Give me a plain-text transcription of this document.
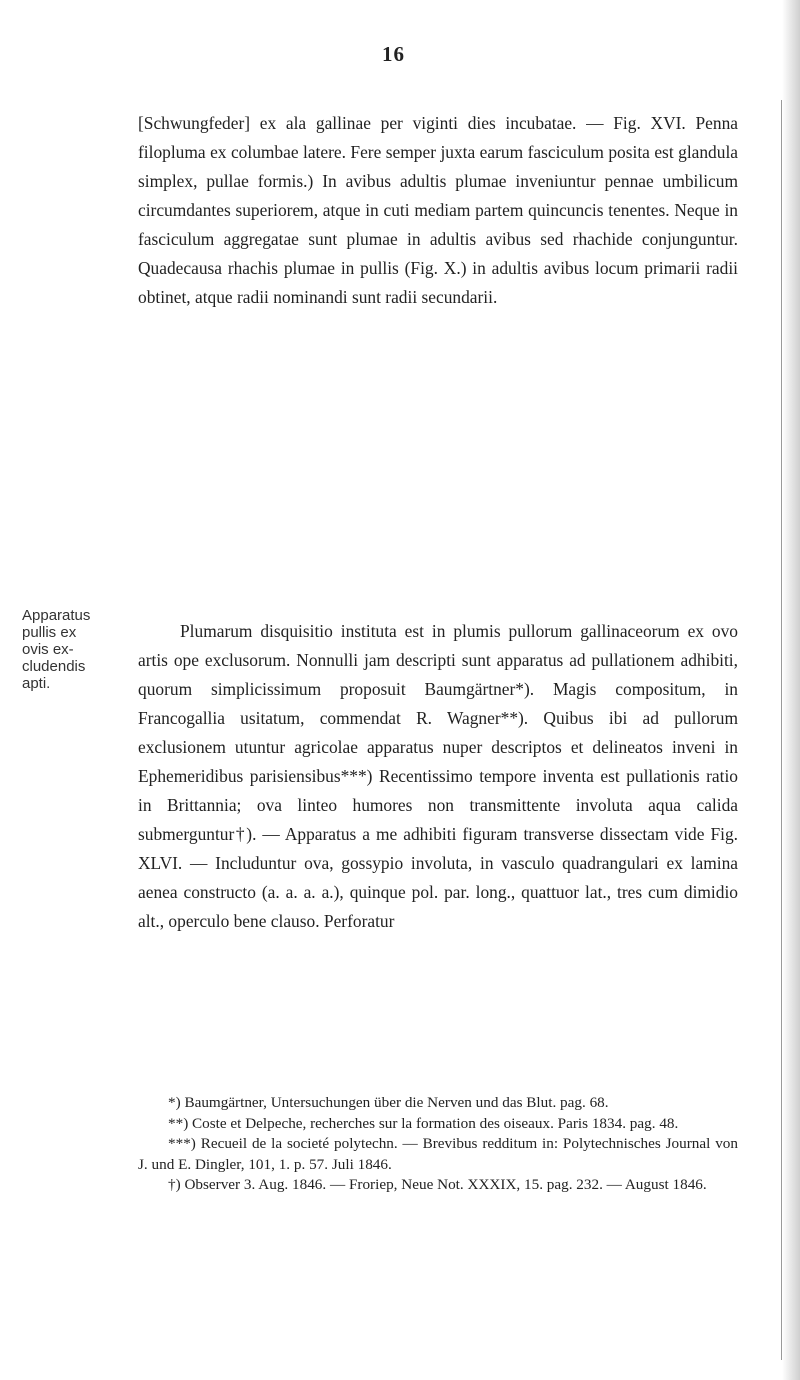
16

[Schwungfeder] ex ala gallinae per viginti dies incubatae. — Fig. XVI. Penna filopluma ex columbae latere. Fere semper juxta earum fasciculum posita est glandula simplex, pullae formis.) In avibus adultis plumae inveniuntur pennae umbilicum circumdantes superiorem, atque in cuti mediam partem quincuncis tenentes. Neque in fasciculum aggregatae sunt plumae in adultis avibus sed rhachide conjunguntur. Quadecausa rhachis plumae in pullis (Fig. X.) in adultis avibus locum primarii radii obtinet, atque radii nominandi sunt radii secundarii.

Apparatus
pullis ex
ovis ex-
cludendis
apti.

Plumarum disquisitio instituta est in plumis pullorum gallinaceorum ex ovo artis ope exclusorum. Nonnulli jam descripti sunt apparatus ad pullationem adhibiti, quorum simplicissimum proposuit Baumgärtner*). Magis compositum, in Francogallia usitatum, commendat R. Wagner**). Quibus ibi ad pullorum exclusionem utuntur agricolae apparatus nuper descriptos et delineatos inveni in Ephemeridibus parisiensibus***) Recentissimo tempore inventa est pullationis ratio in Brittannia; ova linteo humores non transmittente involuta aqua calida submerguntur†). — Apparatus a me adhibiti figuram transverse dissectam vide Fig. XLVI. — Includuntur ova, gossypio involuta, in vasculo quadrangulari ex lamina aenea constructo (a. a. a. a.), quinque pol. par. long., quattuor lat., tres cum dimidio alt., operculo bene clauso. Perforatur

*) Baumgärtner, Untersuchungen über die Nerven und das Blut. pag. 68.
**) Coste et Delpeche, recherches sur la formation des oiseaux. Paris 1834. pag. 48.
***) Recueil de la societé polytechn. — Brevibus redditum in: Polytechnisches Journal von J. und E. Dingler, 101, 1. p. 57. Juli 1846.
†) Observer 3. Aug. 1846. — Froriep, Neue Not. XXXIX, 15. pag. 232. — August 1846.
